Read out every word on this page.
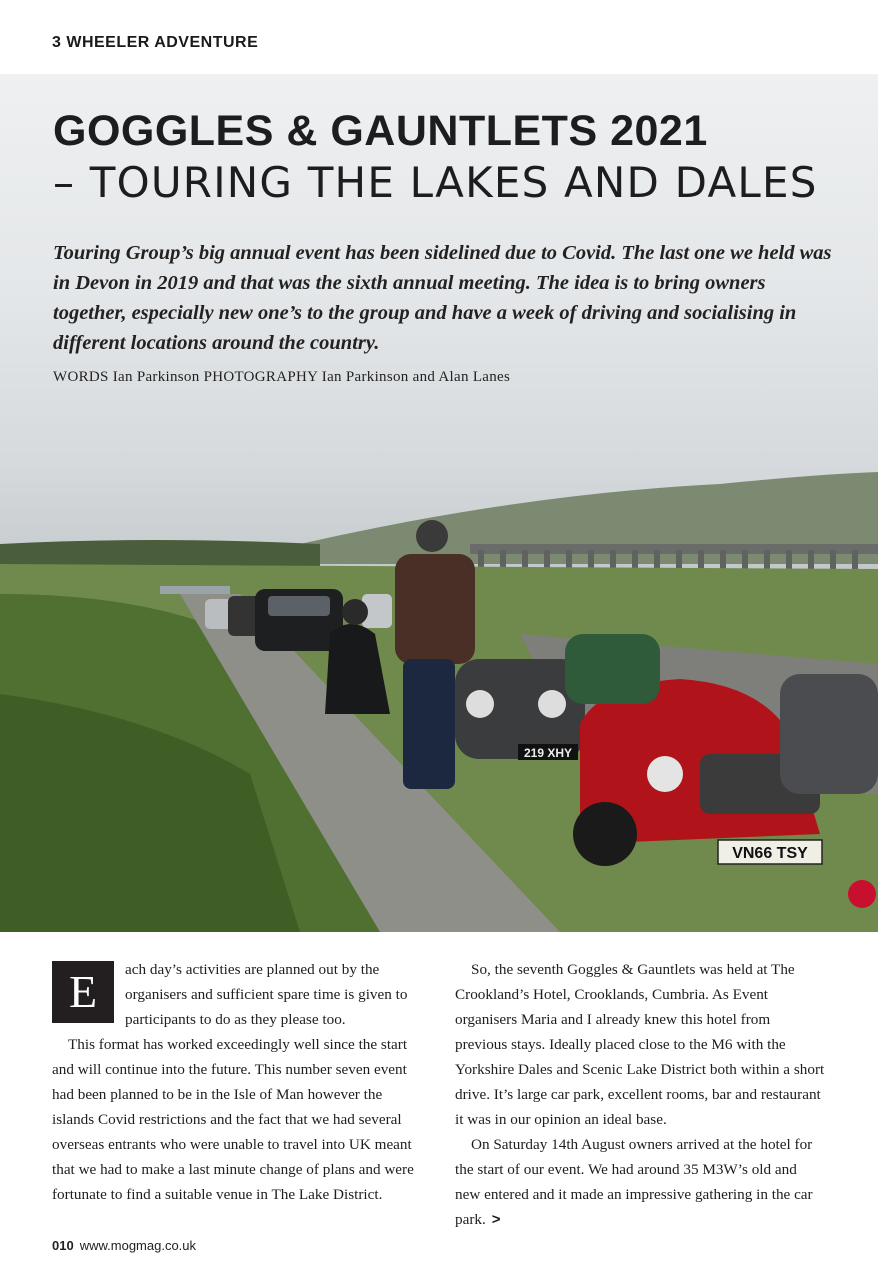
3 WHEELER ADVENTURE
219 XHY
VN66 TSY
GOGGLES & GAUNTLETS 2021
– TOURING THE LAKES AND DALES
Touring Group’s big annual event has been sidelined due to Covid. The last one we held was in Devon in 2019 and that was the sixth annual meeting. The idea is to bring owners together, especially new one’s to the group and have a week of driving and socialising in different locations around the country.
WORDS Ian Parkinson PHOTOGRAPHY Ian Parkinson and Alan Lanes

E	ach day’s activities are planned out by the organisers and sufficient spare time is given to participants to do as they please too.

This format has worked exceedingly well since the start and will continue into the future. This number seven event had been planned to be in the Isle of Man however the islands Covid restrictions and the fact that we had several overseas entrants who were unable to travel into UK meant that we had to make a last minute change of plans and were fortunate to find a suitable venue in The Lake District.

So, the seventh Goggles & Gauntlets was held at The Crookland’s Hotel, Crooklands, Cumbria. As Event organisers Maria and I already knew this hotel from previous stays. Ideally placed close to the M6 with the Yorkshire Dales and Scenic Lake District both within a short drive. It’s large car park, excellent rooms, bar and restaurant it was in our opinion an ideal base.

On Saturday 14th August owners arrived at the hotel for the start of our event. We had around 35 M3W’s old and new entered and it made an impressive gathering in the car park. >

010 www.mogmag.co.uk
